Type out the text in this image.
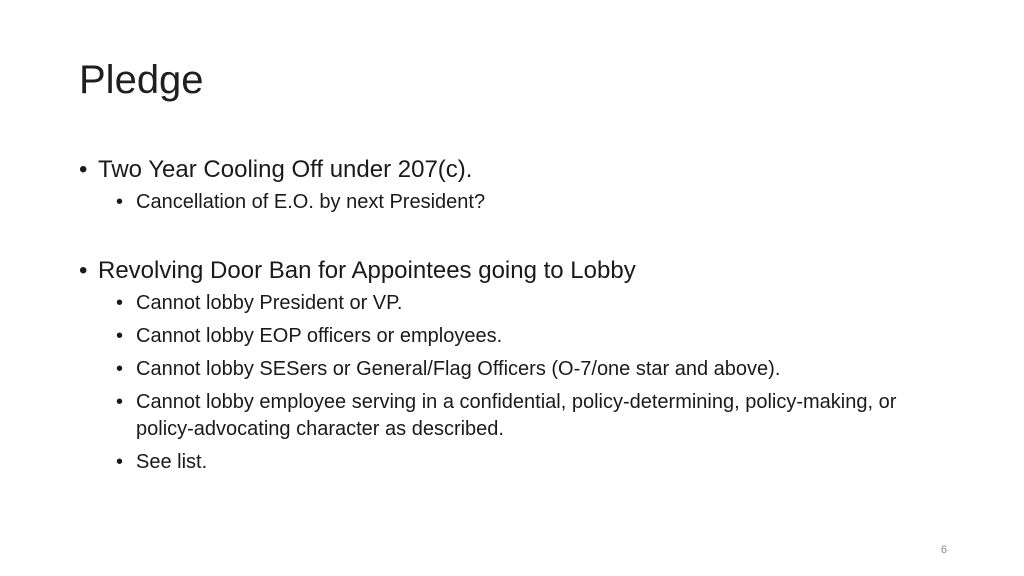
Pledge
• Two Year Cooling Off under 207(c).
• Cancellation of E.O. by next President?
• Revolving Door Ban for Appointees going to Lobby
• Cannot lobby President or VP.
• Cannot lobby EOP officers or employees.
• Cannot lobby SESers or General/Flag Officers (O-7/one star and above).
• Cannot lobby employee serving in a confidential, policy-determining, policy-making, or policy-advocating character as described.
• See list.
6
